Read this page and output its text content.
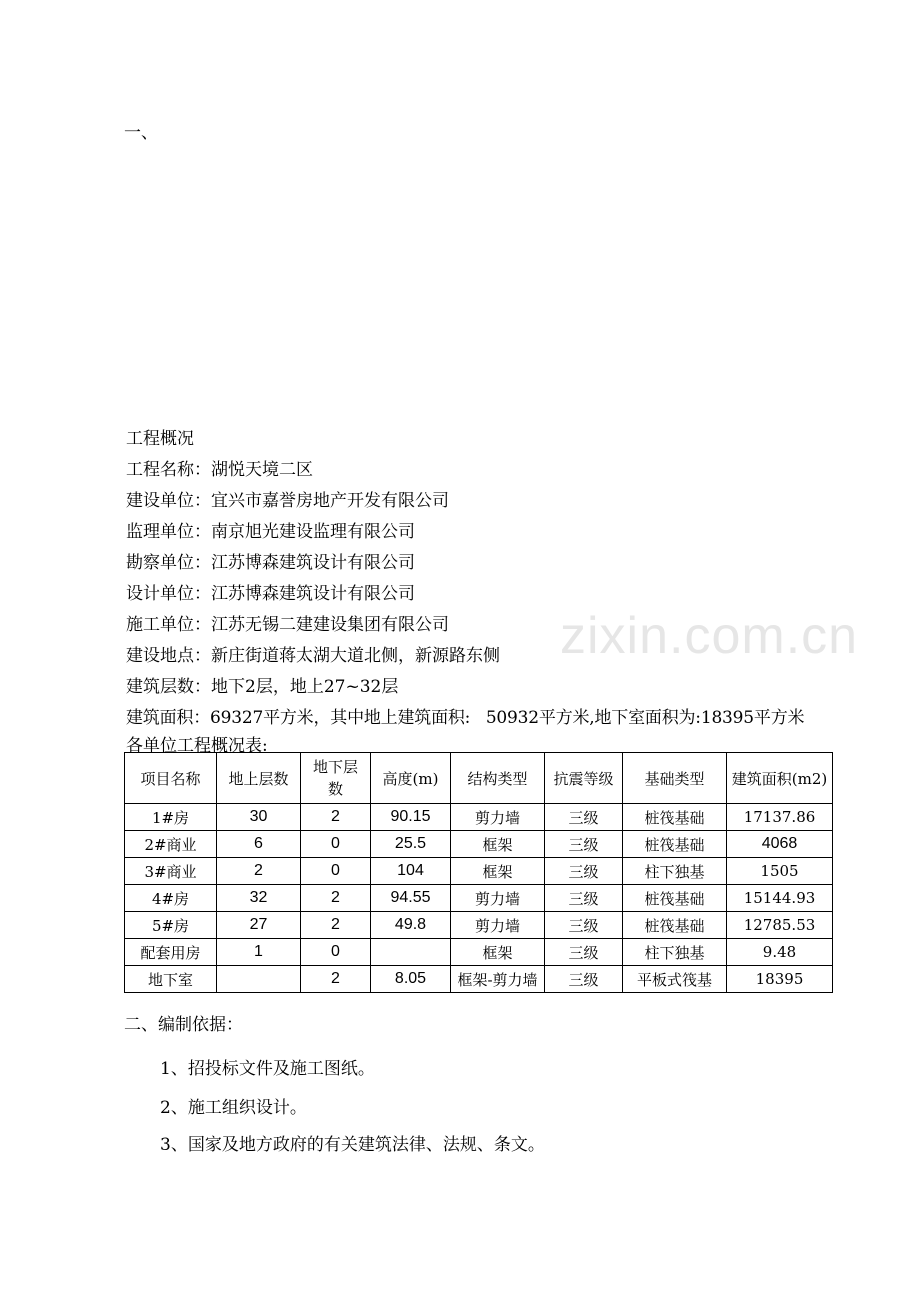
zixin.com.cn
一、
工程概况
工程名称：湖悦天境二区
建设单位：宜兴市嘉誉房地产开发有限公司
监理单位：南京旭光建设监理有限公司
勘察单位：江苏博森建筑设计有限公司
设计单位：江苏博森建筑设计有限公司
施工单位：江苏无锡二建建设集团有限公司
建设地点：新庄街道蒋太湖大道北侧，新源路东侧
建筑层数：地下2层，地上27~32层
建筑面积：69327平方米，其中地上建筑面积:   50932平方米,地下室面积为:18395平方米
各单位工程概况表:
项目名称	地上层数	地下层数	高度(m)	结构类型	抗震等级	基础类型	建筑面积(m2)
1#房	30	2	90.15	剪力墙	三级	桩筏基础	17137.86
2#商业	6	0	25.5	框架	三级	桩筏基础	4068
3#商业	2	0	104	框架	三级	柱下独基	1505
4#房	32	2	94.55	剪力墙	三级	桩筏基础	15144.93
5#房	27	2	49.8	剪力墙	三级	桩筏基础	12785.53
配套用房	1	0		框架	三级	柱下独基	9.48
地下室		2	8.05	框架-剪力墙	三级	平板式筏基	18395
二、编制依据：
1、招投标文件及施工图纸。
2、施工组织设计。
3、国家及地方政府的有关建筑法律、法规、条文。
